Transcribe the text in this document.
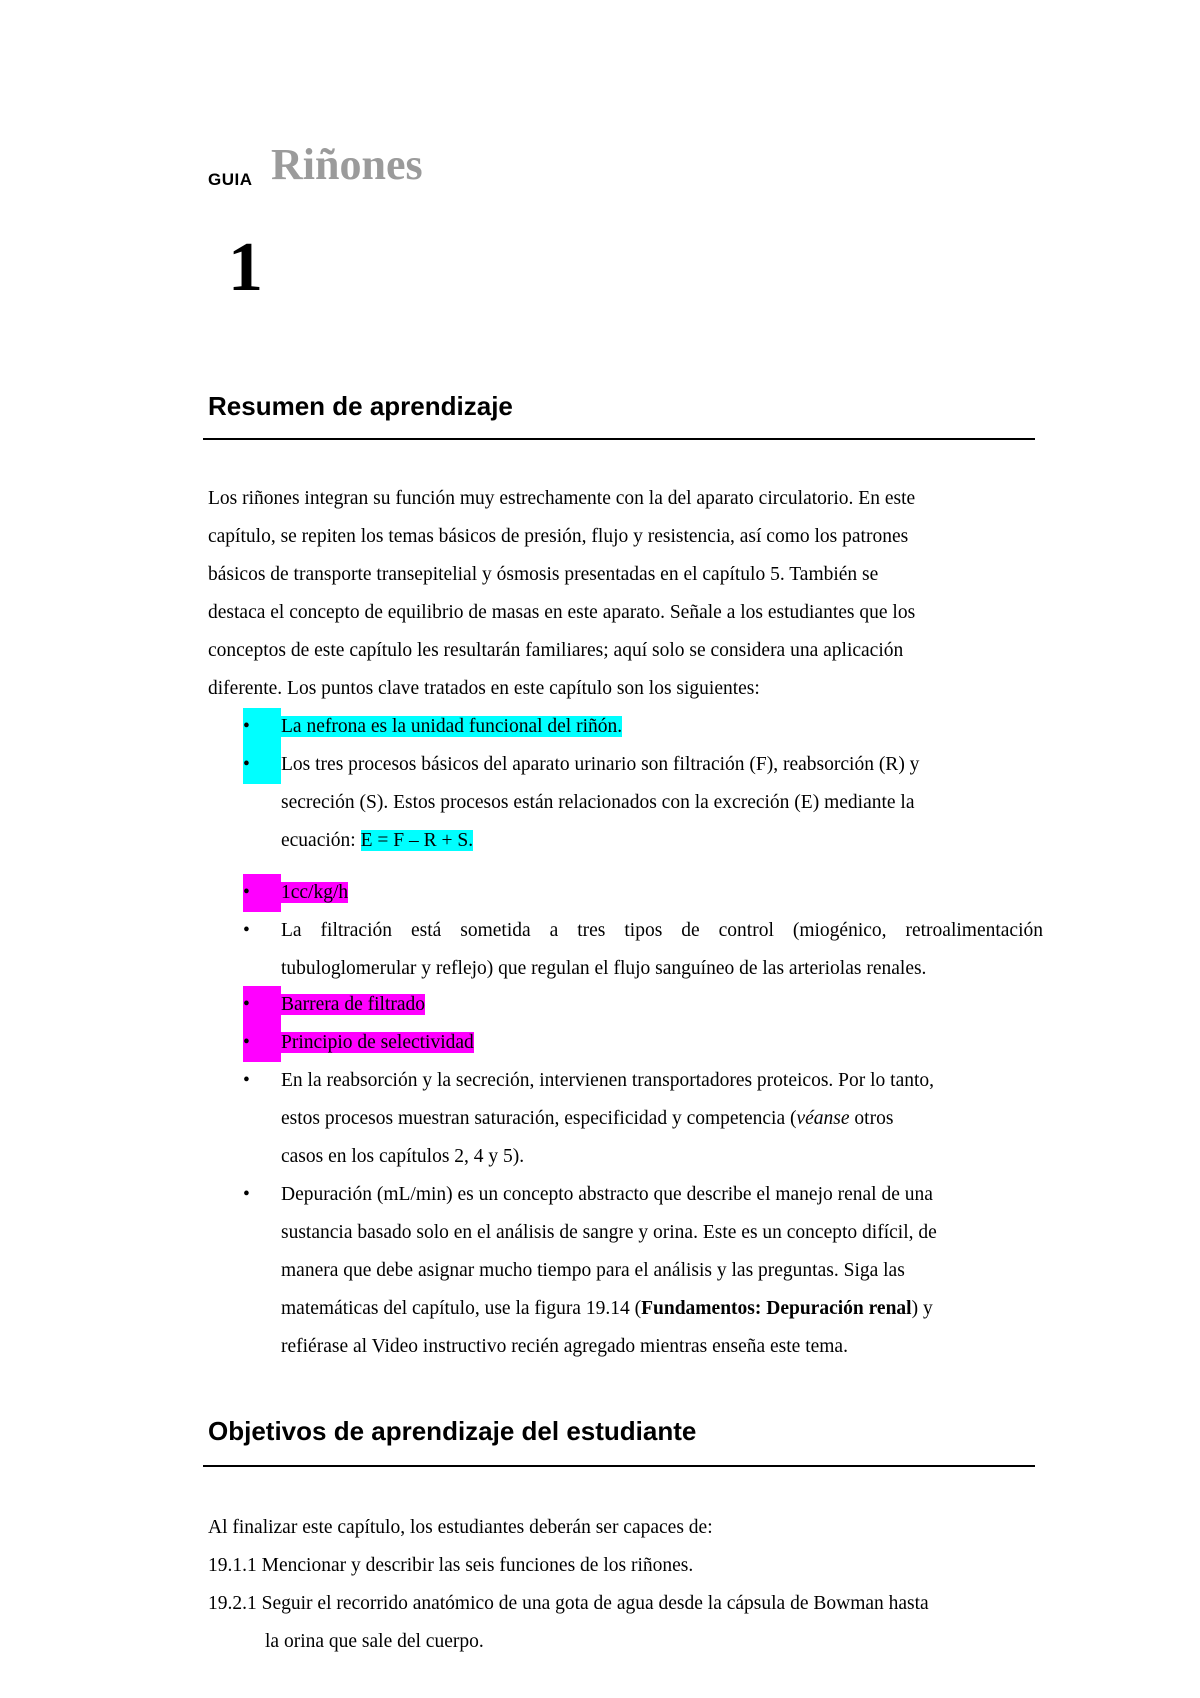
GUIA Riñones
1
Resumen de aprendizaje
Los riñones integran su función muy estrechamente con la del aparato circulatorio. En este
capítulo, se repiten los temas básicos de presión, flujo y resistencia, así como los patrones
básicos de transporte transepitelial y ósmosis presentadas en el capítulo 5. También se
destaca el concepto de equilibrio de masas en este aparato. Señale a los estudiantes que los
conceptos de este capítulo les resultarán familiares; aquí solo se considera una aplicación
diferente. Los puntos clave tratados en este capítulo son los siguientes:
•
La nefrona es la unidad funcional del riñón.
•
Los tres procesos básicos del aparato urinario son filtración (F), reabsorción (R) y
secreción (S). Estos procesos están relacionados con la excreción (E) mediante la
ecuación: E = F – R + S.
•
1cc/kg/h
La filtración está sometida a tres tipos de control (miogénico, retroalimentación
tubuloglomerular y reflejo) que regulan el flujo sanguíneo de las arteriolas renales.
•
Barrera de filtrado
•
Principio de selectividad
En la reabsorción y la secreción, intervienen transportadores proteicos. Por lo tanto,
estos procesos muestran saturación, especificidad y competencia (véanse otros
casos en los capítulos 2, 4 y 5).
Depuración (mL/min) es un concepto abstracto que describe el manejo renal de una
sustancia basado solo en el análisis de sangre y orina. Este es un concepto difícil, de
manera que debe asignar mucho tiempo para el análisis y las preguntas. Siga las
matemáticas del capítulo, use la figura 19.14 (Fundamentos: Depuración renal) y
refiérase al Video instructivo recién agregado mientras enseña este tema.
Objetivos de aprendizaje del estudiante
Al finalizar este capítulo, los estudiantes deberán ser capaces de:
19.1.1 Mencionar y describir las seis funciones de los riñones.
19.2.1 Seguir el recorrido anatómico de una gota de agua desde la cápsula de Bowman hasta
la orina que sale del cuerpo.
